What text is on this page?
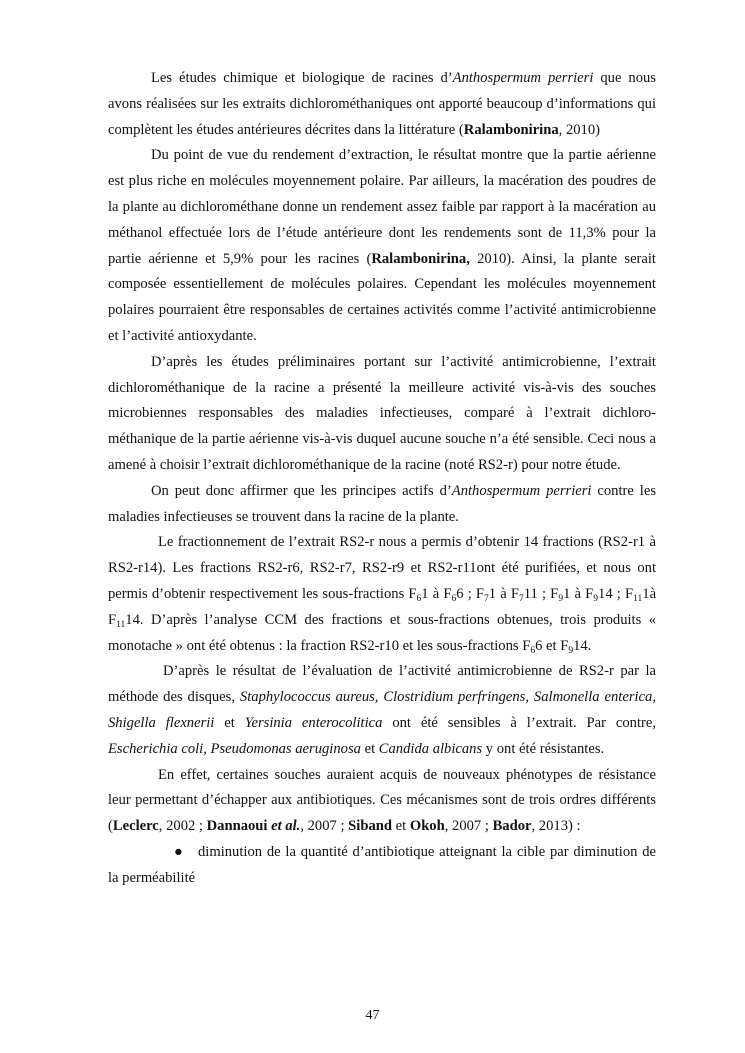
Les études chimique et biologique de racines d’Anthospermum perrieri que nous avons réalisées sur les extraits dichlorométhaniques ont apporté beaucoup d’informations qui complètent les études antérieures décrites dans la littérature (Ralambonirina, 2010)

Du point de vue du rendement d’extraction, le résultat montre que la partie aérienne est plus riche en molécules moyennement polaire. Par ailleurs, la macération des poudres de la plante au dichlorométhane donne un rendement assez faible par rapport à la macération au méthanol effectuée lors de l’étude antérieure dont les rendements sont de 11,3% pour la partie aérienne et 5,9% pour les racines (Ralambonirina, 2010). Ainsi, la plante serait composée essentiellement de molécules polaires. Cependant les molécules moyennement polaires pourraient être responsables de certaines activités comme l’activité antimicrobienne et l’activité antioxydante.

D’après les études préliminaires portant sur l’activité antimicrobienne, l’extrait dichlorométhanique de la racine a présenté la meilleure activité vis-à-vis des souches microbiennes responsables des maladies infectieuses, comparé à l’extrait dichloro-méthanique de la partie aérienne vis-à-vis duquel aucune souche n’a été sensible. Ceci nous a amené à choisir l’extrait dichlorométhanique de la racine (noté RS2-r) pour notre étude.

On peut donc affirmer que les principes actifs d’Anthospermum perrieri contre les maladies infectieuses se trouvent dans la racine de la plante.

Le fractionnement de l’extrait RS2-r nous a permis d’obtenir 14 fractions (RS2-r1 à RS2-r14). Les fractions RS2-r6, RS2-r7, RS2-r9 et RS2-r11ont été purifiées, et nous ont permis d’obtenir respectivement les sous-fractions $F_61$ à $F_66$ ; $F_71$ à $F_711$ ; $F_91$ à $F_914$ ; $F_{11}1à$ $F_{11}14$. D’après l’analyse CCM des fractions et sous-fractions obtenues, trois produits « monotache » ont été obtenus : la fraction RS2-r10 et les sous-fractions $F_66$ et $F_914$.

D’après le résultat de l’évaluation de l’activité antimicrobienne de RS2-r par la méthode des disques, Staphylococcus aureus, Clostridium perfringens, Salmonella enterica, Shigella flexnerii et Yersinia enterocolitica ont été sensibles à l’extrait. Par contre, Escherichia coli, Pseudomonas aeruginosa et Candida albicans y ont été résistantes.

En effet, certaines souches auraient acquis de nouveaux phénotypes de résistance leur permettant d’échapper aux antibiotiques. Ces mécanismes sont de trois ordres différents (Leclerc, 2002 ; Dannaoui et al., 2007 ; Siband et Okoh, 2007 ; Bador, 2013) :

● diminution de la quantité d’antibiotique atteignant la cible par diminution de la perméabilité

47
